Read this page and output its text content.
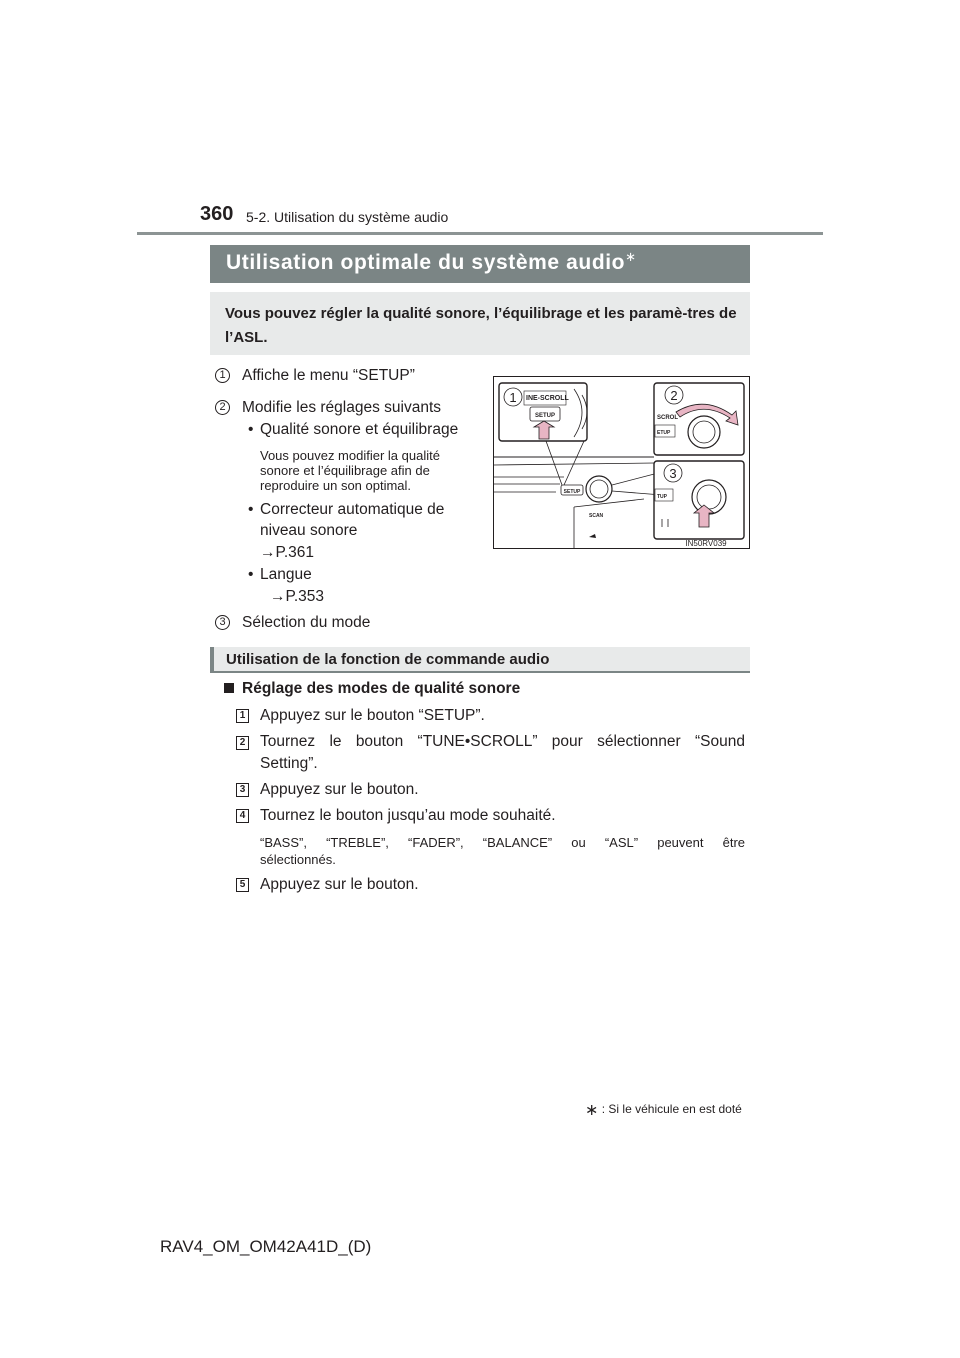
360 5-2. Utilisation du système audio
Utilisation optimale du système audio∗
Vous pouvez régler la qualité sonore, l’équilibrage et les paramè-tres de l’ASL.
1 Affiche le menu “SETUP”
2 Modifie les réglages suivants
• Qualité sonore et équilibrage
Vous pouvez modifier la qualité
sonore et l’équilibrage afin de
reproduire un son optimal.
• Correcteur automatique de
niveau sonore
→P.361
• Langue
→P.353
3 Sélection du mode
SETUP
SCAN
INE-SCROLL
SETUP
1
SCROL
ETUP
2
TUP
3
IN50RV039
Utilisation de la fonction de commande audio
Réglage des modes de qualité sonore
1 Appuyez sur le bouton “SETUP”.
2 Tournez le bouton “TUNE•SCROLL” pour sélectionner “Sound
Setting”.
3 Appuyez sur le bouton.
4 Tournez le bouton jusqu’au mode souhaité.
“BASS”, “TREBLE”, “FADER”, “BALANCE” ou “ASL” peuvent être
sélectionnés.
5 Appuyez sur le bouton.
∗ : Si le véhicule en est doté
RAV4_OM_OM42A41D_(D)
